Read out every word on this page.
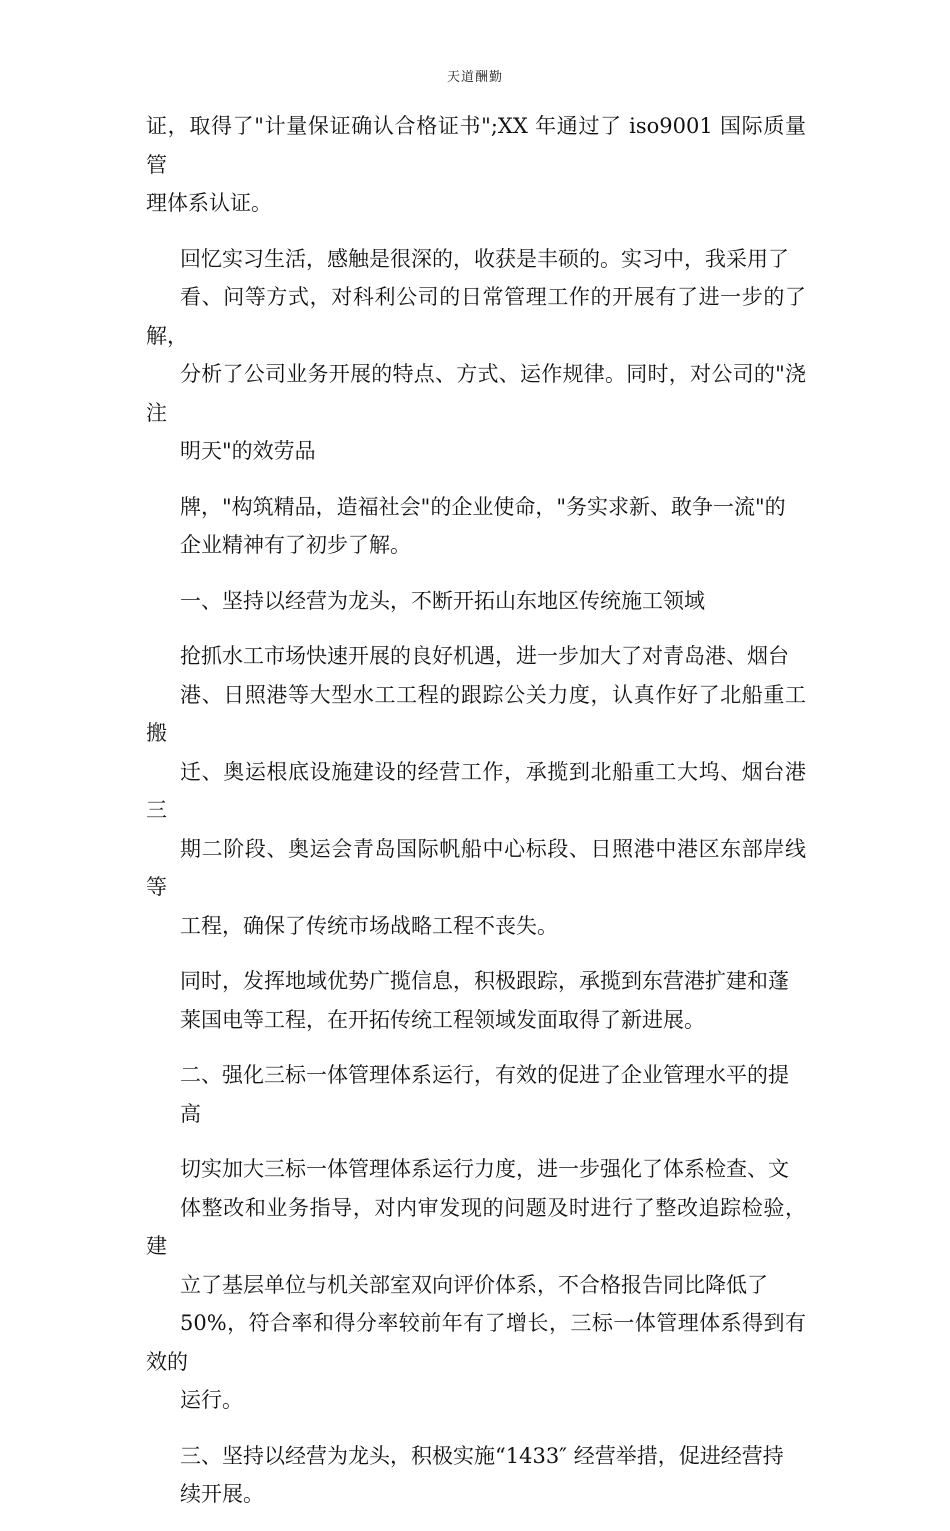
天道酬勤

证，取得了"计量保证确认合格证书";XX 年通过了 iso9001 国际质量管
理体系认证。

回忆实习生活，感触是很深的，收获是丰硕的。实习中，我采用了
看、问等方式，对科利公司的日常管理工作的开展有了进一步的了解，
分析了公司业务开展的特点、方式、运作规律。同时，对公司的"浇注
明天"的效劳品

牌，"构筑精品，造福社会"的企业使命，"务实求新、敢争一流"的
企业精神有了初步了解。

一、坚持以经营为龙头，不断开拓山东地区传统施工领域

抢抓水工市场快速开展的良好机遇，进一步加大了对青岛港、烟台
港、日照港等大型水工工程的跟踪公关力度，认真作好了北船重工搬
迁、奥运根底设施建设的经营工作，承揽到北船重工大坞、烟台港三
期二阶段、奥运会青岛国际帆船中心标段、日照港中港区东部岸线等
工程，确保了传统市场战略工程不丧失。

同时，发挥地域优势广揽信息，积极跟踪，承揽到东营港扩建和蓬
莱国电等工程，在开拓传统工程领域发面取得了新进展。

二、强化三标一体管理体系运行，有效的促进了企业管理水平的提
高

切实加大三标一体管理体系运行力度，进一步强化了体系检查、文
体整改和业务指导，对内审发现的问题及时进行了整改追踪检验，建
立了基层单位与机关部室双向评价体系，不合格报告同比降低了
50%，符合率和得分率较前年有了增长，三标一体管理体系得到有效的
运行。

三、坚持以经营为龙头，积极实施“1433″ 经营举措，促进经营持
续开展。
